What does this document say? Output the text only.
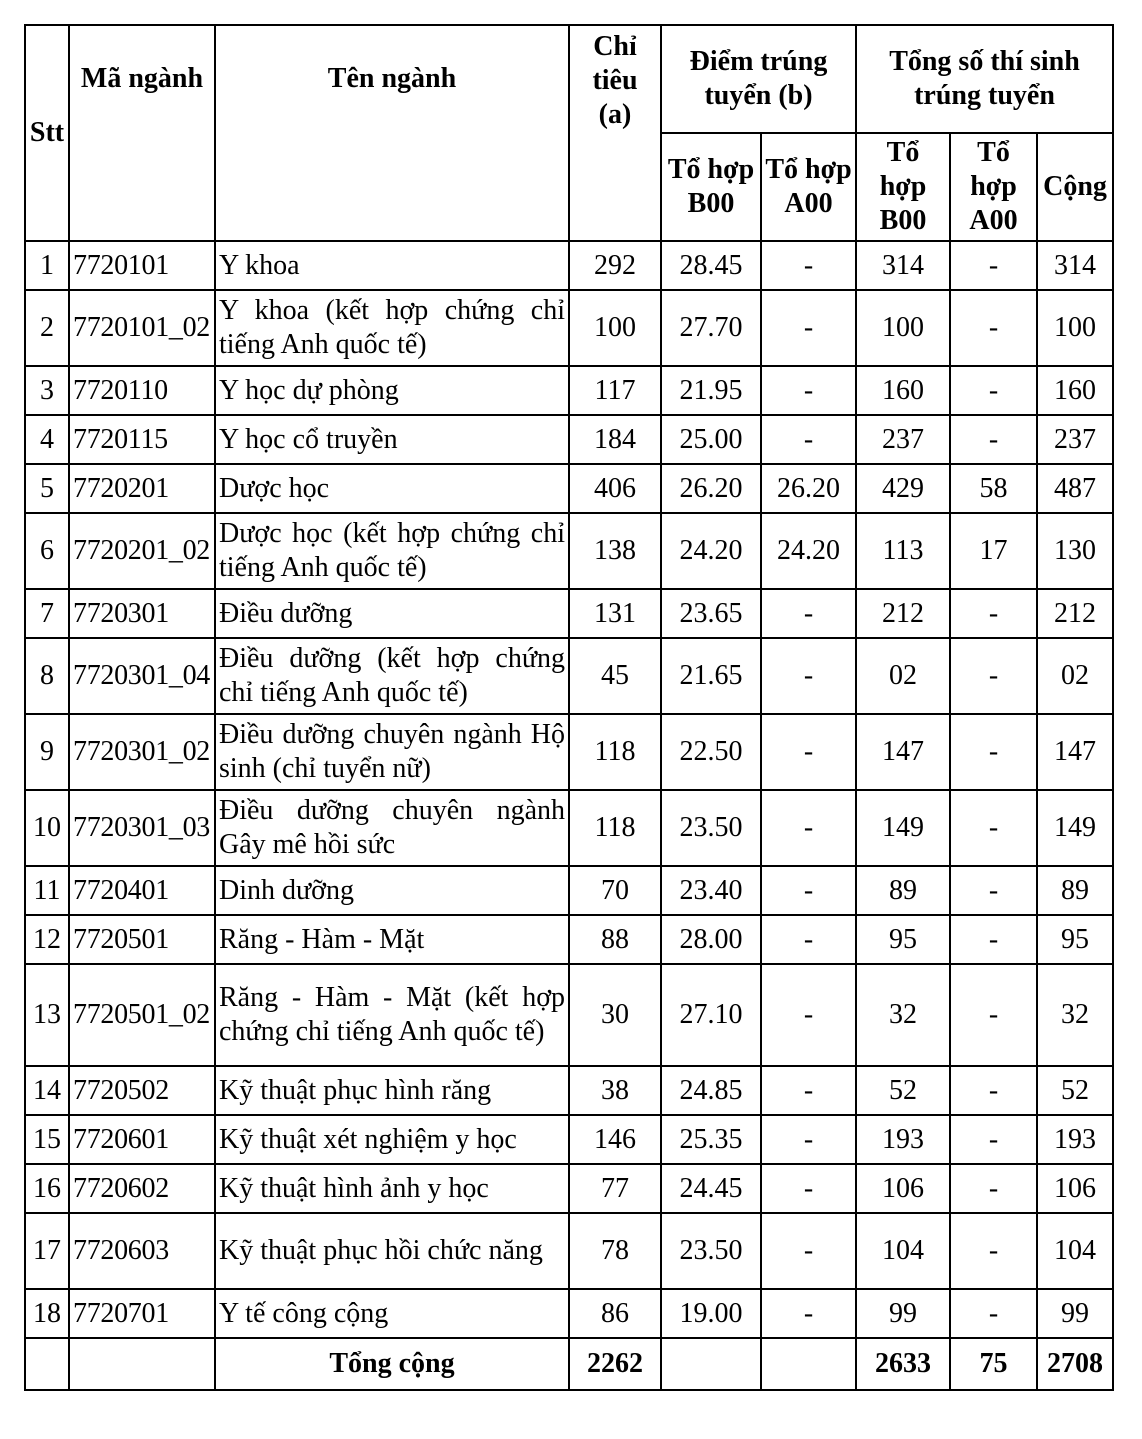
Stt	Mã ngành	Tên ngành	Chỉ tiêu (a)	Điểm trúng tuyển (b)		Tổng số thí sinh trúng tuyển		
				Tổ hợp B00	Tổ hợp A00	Tổ hợp B00	Tổ hợp A00	Cộng
1	7720101	Y khoa	292	28.45	-	314	-	314
2	7720101_02	Y khoa (kết hợp chứng chỉ tiếng Anh quốc tế)	100	27.70	-	100	-	100
3	7720110	Y học dự phòng	117	21.95	-	160	-	160
4	7720115	Y học cổ truyền	184	25.00	-	237	-	237
5	7720201	Dược học	406	26.20	26.20	429	58	487
6	7720201_02	Dược học (kết hợp chứng chỉ tiếng Anh quốc tế)	138	24.20	24.20	113	17	130
7	7720301	Điều dưỡng	131	23.65	-	212	-	212
8	7720301_04	Điều dưỡng (kết hợp chứng chỉ tiếng Anh quốc tế)	45	21.65	-	02	-	02
9	7720301_02	Điều dưỡng chuyên ngành Hộ sinh (chỉ tuyển nữ)	118	22.50	-	147	-	147
10	7720301_03	Điều dưỡng chuyên ngành Gây mê hồi sức	118	23.50	-	149	-	149
11	7720401	Dinh dưỡng	70	23.40	-	89	-	89
12	7720501	Răng - Hàm - Mặt	88	28.00	-	95	-	95
13	7720501_02	Răng - Hàm - Mặt (kết hợp chứng chỉ tiếng Anh quốc tế)	30	27.10	-	32	-	32
14	7720502	Kỹ thuật phục hình răng	38	24.85	-	52	-	52
15	7720601	Kỹ thuật xét nghiệm y học	146	25.35	-	193	-	193
16	7720602	Kỹ thuật hình ảnh y học	77	24.45	-	106	-	106
17	7720603	Kỹ thuật phục hồi chức năng	78	23.50	-	104	-	104
18	7720701	Y tế công cộng	86	19.00	-	99	-	99
		Tổng cộng	2262			2633	75	2708
